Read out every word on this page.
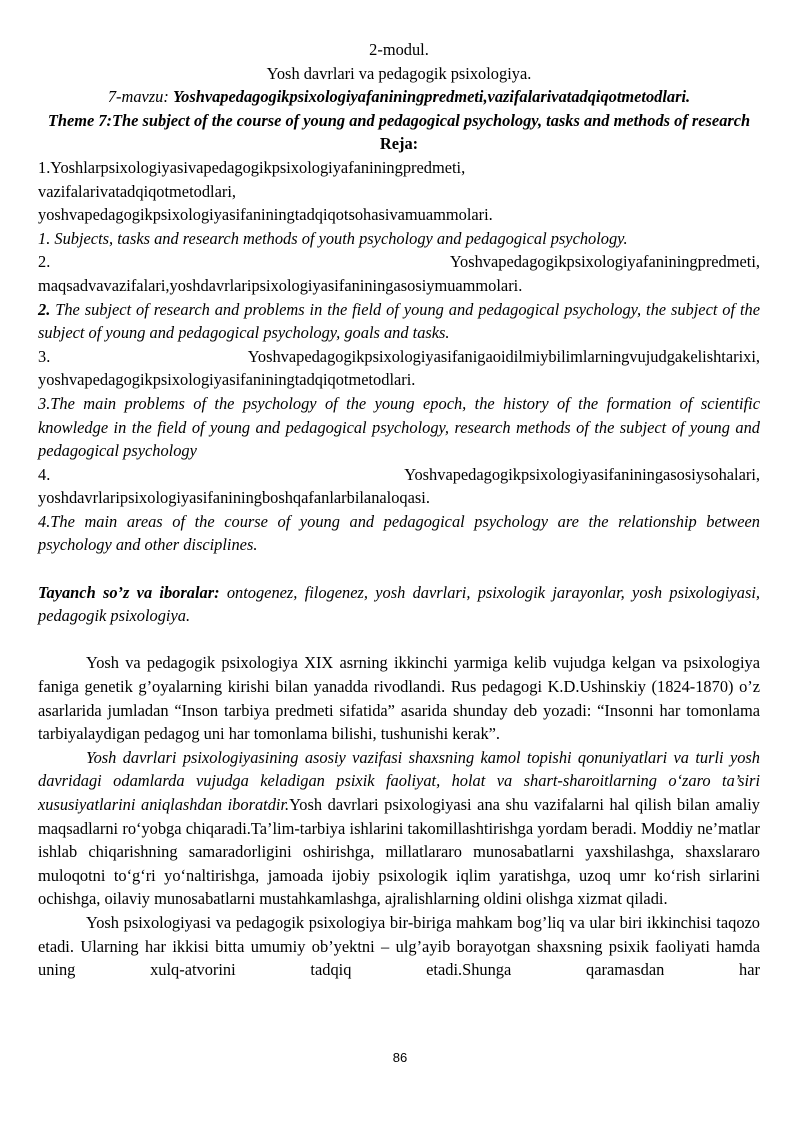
2-modul.

Yosh davrlari va pedagogik psixologiya.

7-mavzu: Yoshvapedagogikpsixologiyafaniningpredmeti,vazifalarivatadqiqotmetodlari.

Theme 7:The subject of the course of young and pedagogical psychology, tasks and methods of research

Reja:

1.Yoshlarpsixologiyasivapedagogikpsixologiyafaniningpredmeti,

vazifalarivatadqiqotmetodlari,

yoshvapedagogikpsixologiyasifaniningtadqiqotsohasivamuammolari.

1. Subjects, tasks and research methods of youth psychology and pedagogical psychology.

2. Yoshvapedagogikpsixologiyafaniningpredmeti,

maqsadvavazifalari,yoshdavrlaripsixologiyasifaniningasosiymuammolari.

2. The subject of research and problems in the field of young and pedagogical psychology, the subject of the subject of young and pedagogical psychology, goals and tasks.

3. Yoshvapedagogikpsixologiyasifanigaoidilmiybilimlarningvujudgakelishtarixi,

yoshvapedagogikpsixologiyasifaniningtadqiqotmetodlari.

3.The main problems of the psychology of the young epoch, the history of the formation of scientific knowledge in the field of young and pedagogical psychology, research methods of the subject of young and pedagogical psychology

4. Yoshvapedagogikpsixologiyasifaniningasosiysohalari,

yoshdavrlaripsixologiyasifaniningboshqafanlarbilanaloqasi.

4.The main areas of the course of young and pedagogical psychology are the relationship between psychology and other disciplines.

Tayanch so’z va iboralar: ontogenez, filogenez, yosh davrlari, psixologik jarayonlar, yosh psixologiyasi, pedagogik psixologiya.

Yosh va pedagogik psixologiya XIX asrning ikkinchi yarmiga kelib vujudga kelgan va psixologiya faniga genetik g’oyalarning kirishi bilan yanadda rivodlandi. Rus pedagogi K.D.Ushinskiy (1824-1870) o’z asarlarida jumladan “Inson tarbiya predmeti sifatida” asarida shunday deb yozadi: “Insonni har tomonlama tarbiyalaydigan pedagog uni har tomonlama bilishi, tushunishi kerak”.

Yosh davrlari psixologiyasining asosiy vazifasi shaxsning kamol topishi qonuniyatlari va turli yosh davridagi odamlarda vujudga keladigan psixik faoliyat, holat va shart-sharoitlarning o‘zaro ta’siri xususiyatlarini aniqlashdan iboratdir.Yosh davrlari psixologiyasi ana shu vazifalarni hal qilish bilan amaliy maqsadlarni ro‘yobga chiqaradi.Ta’lim-tarbiya ishlarini takomillashtirishga yordam beradi. Moddiy ne’matlar ishlab chiqarishning samaradorligini oshirishga, millatlararo munosabatlarni yaxshilashga, shaxslararo muloqotni to‘g‘ri yo‘naltirishga, jamoada ijobiy psixologik iqlim yaratishga, uzoq umr ko‘rish sirlarini ochishga, oilaviy munosabatlarni mustahkamlashga, ajralishlarning oldini olishga xizmat qiladi.

Yosh psixologiyasi va pedagogik psixologiya bir-biriga mahkam bog’liq va ular biri ikkinchisi taqozo etadi. Ularning har ikkisi bitta umumiy ob’yektni – ulg’ayib borayotgan shaxsning psixik faoliyati hamda uning xulq-atvorini tadqiq etadi.Shunga qaramasdan har

86
